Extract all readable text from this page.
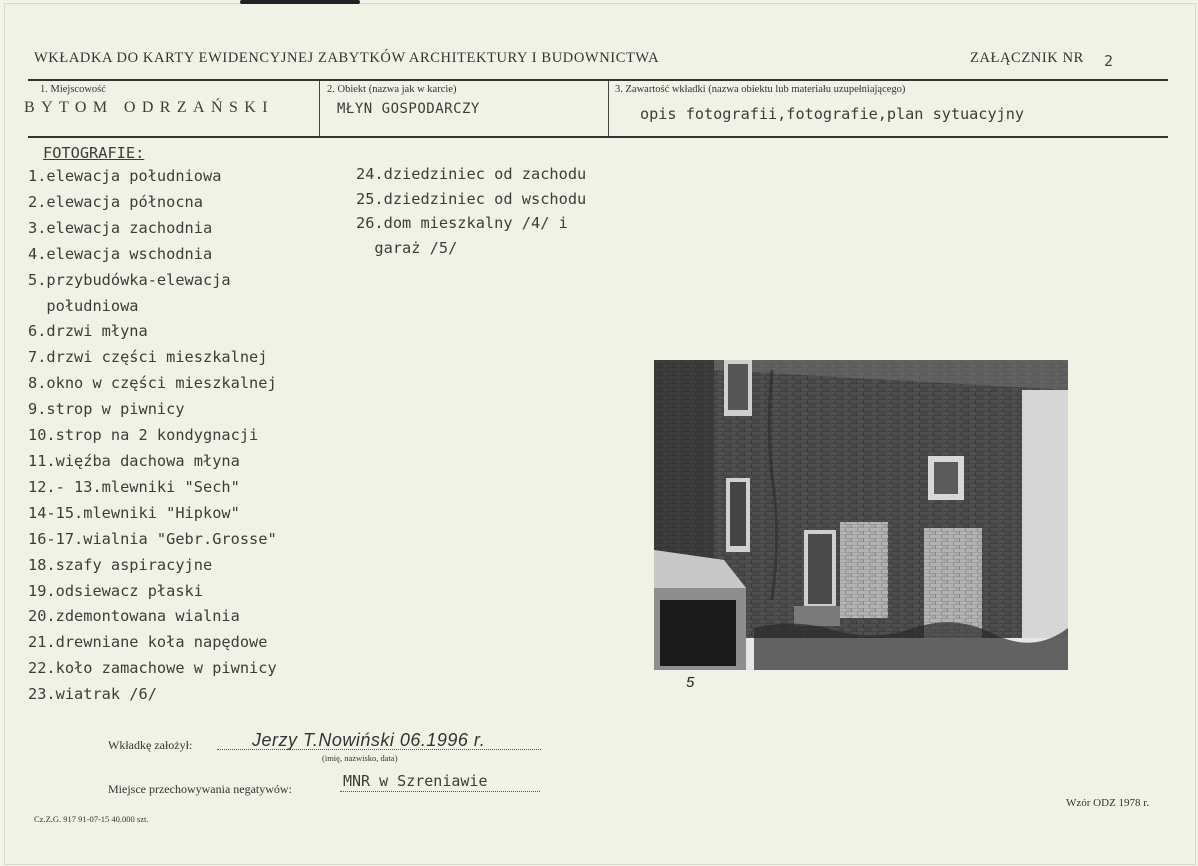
WKŁADKA DO KARTY EWIDENCYJNEJ ZABYTKÓW ARCHITEKTURY I BUDOWNICTWA	ZAŁĄCZNIK NR 2
1. Miejscowość
BYTOM ODRZAŃSKI
2. Obiekt (nazwa jak w karcie)
MŁYN GOSPODARCZY
3. Zawartość wkładki (nazwa obiektu lub materiału uzupełniającego)
opis fotografii,fotografie,plan sytuacyjny
FOTOGRAFIE:
1.elewacja południowa
2.elewacja północna
3.elewacja zachodnia
4.elewacja wschodnia
5.przybudówka-elewacja
południowa
6.drzwi młyna
7.drzwi części mieszkalnej
8.okno w części mieszkalnej
9.strop w piwnicy
10.strop na 2 kondygnacji
11.więźba dachowa młyna
12.- 13.mlewniki "Sech"
14-15.mlewniki "Hipkow"
16-17.wialnia "Gebr.Grosse"
18.szafy aspiracyjne
19.odsiewacz płaski
20.zdemontowana wialnia
21.drewniane koła napędowe
22.koło zamachowe w piwnicy
23.wiatrak /6/
24.dziedziniec od zachodu
25.dziedziniec od wschodu
26.dom mieszkalny /4/ i
garaż /5/
5
Wkładkę założył:	Jerzy T.Nowiński 06.1996 r.
(imię, nazwisko, data)
Miejsce przechowywania negatywów:	MNR w Szreniawie
Cz.Z.G. 917 91-07-15 40.000 szt.
Wzór ODZ 1978 r.
